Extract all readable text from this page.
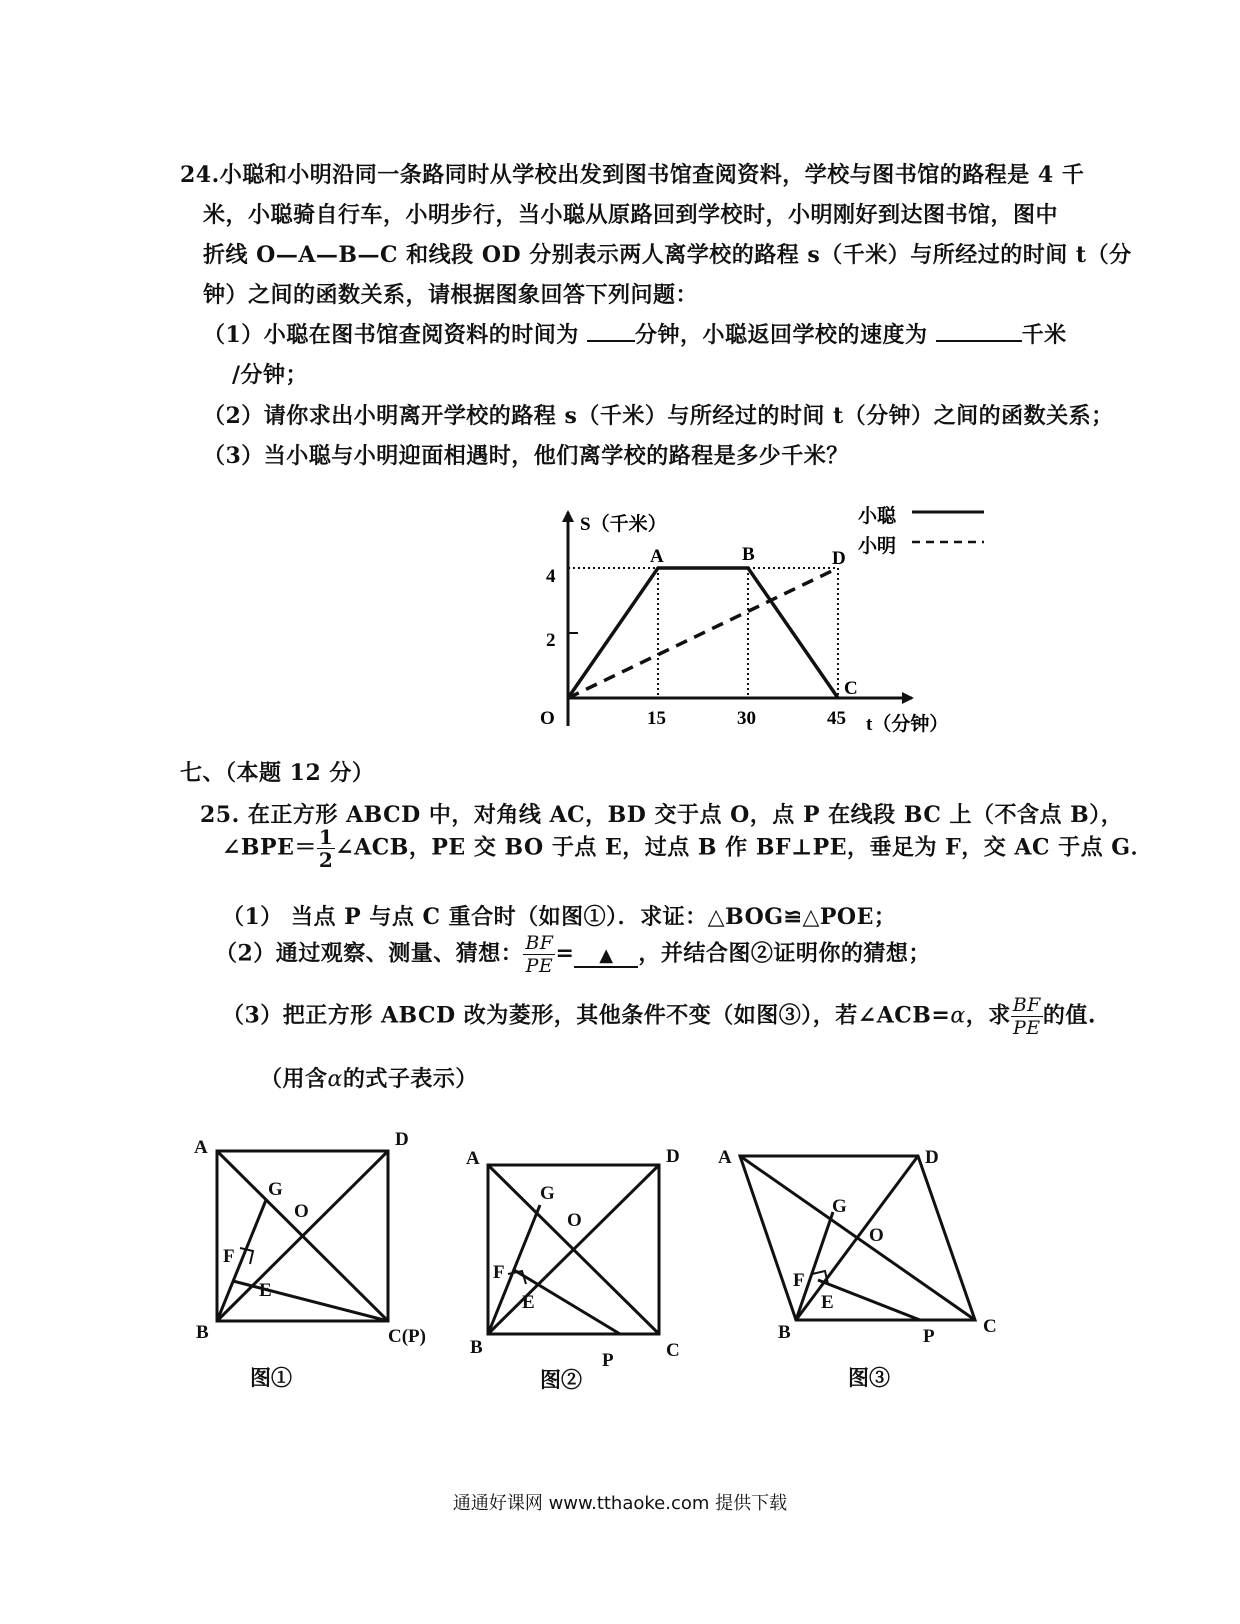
24.小聪和小明沿同一条路同时从学校出发到图书馆查阅资料，学校与图书馆的路程是 4 千
米，小聪骑自行车，小明步行，当小聪从原路回到学校时，小明刚好到达图书馆，图中
折线 O—A—B—C 和线段 OD 分别表示两人离学校的路程 s（千米）与所经过的时间 t（分
钟）之间的函数关系，请根据图象回答下列问题：
（1）小聪在图书馆查阅资料的时间为 分钟，小聪返回学校的速度为	千米
/分钟；
（2）请你求出小明离开学校的路程 s（千米）与所经过的时间 t（分钟）之间的函数关系；
（3）当小聪与小明迎面相遇时，他们离学校的路程是多少千米？
A	B
C
D
O
4
2
15	30	45
S（千米）
t（分钟）
小聪
小明
七、（本题 12 分）
25. 在正方形 ABCD 中，对角线 AC，BD 交于点 O，点 P 在线段 BC 上（不含点 B），
∠BPE＝ $\frac{1}{2}$ ∠ACB，PE 交 BO 于点 E，过点 B 作 BF⊥PE，垂足为 F，交 AC 于点 G．
（1） 当点 P 与点 C 重合时（如图①）．求证：△BOG≌△POE；
（2）通过观察、测量、猜想： $\frac{BF}{PE}$ = ▲ ，并结合图②证明你的猜想；
（3）把正方形 ABCD 改为菱形，其他条件不变（如图③），若∠ACB=α，求 $\frac{BF}{PE}$ 的值.
（用含α的式子表示）
A	D
G
O
F
E
B	C(P)
A	D
G
O
F
E
B
P	C
A	D
G
O
F
E
B	P	C
图①	图②	图③
通通好课网 www.tthaoke.com 提供下载
